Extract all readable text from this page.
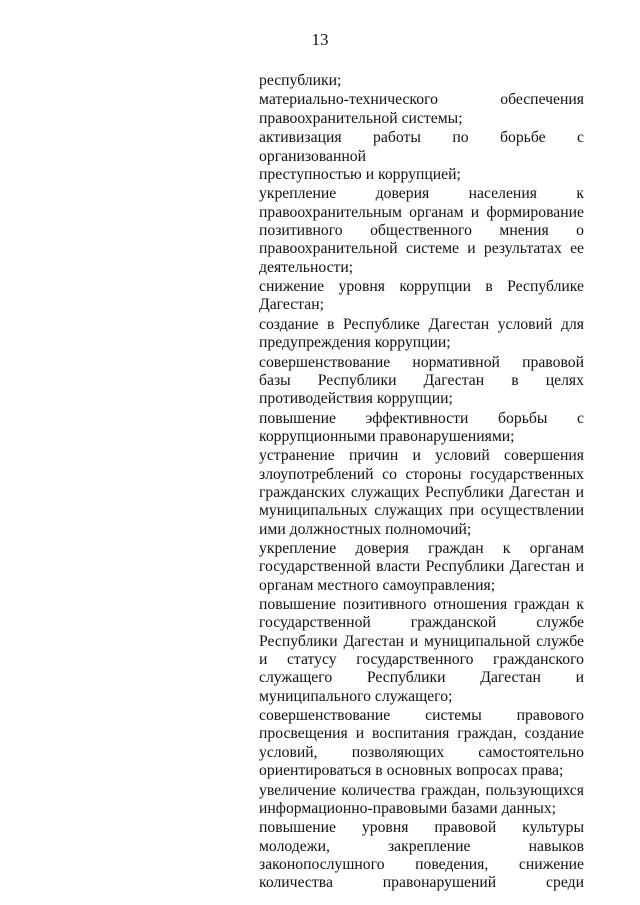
13
республики;
материально-технического обеспечения
правоохранительной системы;
активизация работы по борьбе с организованной
преступностью и коррупцией;
укрепление доверия населения к
правоохранительным органам и формирование
позитивного общественного мнения о
правоохранительной системе и результатах ее
деятельности;
снижение уровня коррупции в Республике
Дагестан;
создание в Республике Дагестан условий для
предупреждения коррупции;
совершенствование нормативной правовой
базы Республики Дагестан в целях
противодействия коррупции;
повышение эффективности борьбы с
коррупционными правонарушениями;
устранение причин и условий совершения
злоупотреблений со стороны государственных
гражданских служащих Республики Дагестан и
муниципальных служащих при осуществлении
ими должностных полномочий;
укрепление доверия граждан к органам
государственной власти Республики Дагестан и
органам местного самоуправления;
повышение позитивного отношения граждан к
государственной гражданской службе
Республики Дагестан и муниципальной службе
и статусу государственного гражданского
служащего Республики Дагестан и
муниципального служащего;
совершенствование системы правового
просвещения и воспитания граждан, создание
условий, позволяющих самостоятельно
ориентироваться в основных вопросах права;
увеличение количества граждан, пользующихся
информационно-правовыми базами данных;
повышение уровня правовой культуры
молодежи, закрепление навыков
законопослушного поведения, снижение
количества правонарушений среди
